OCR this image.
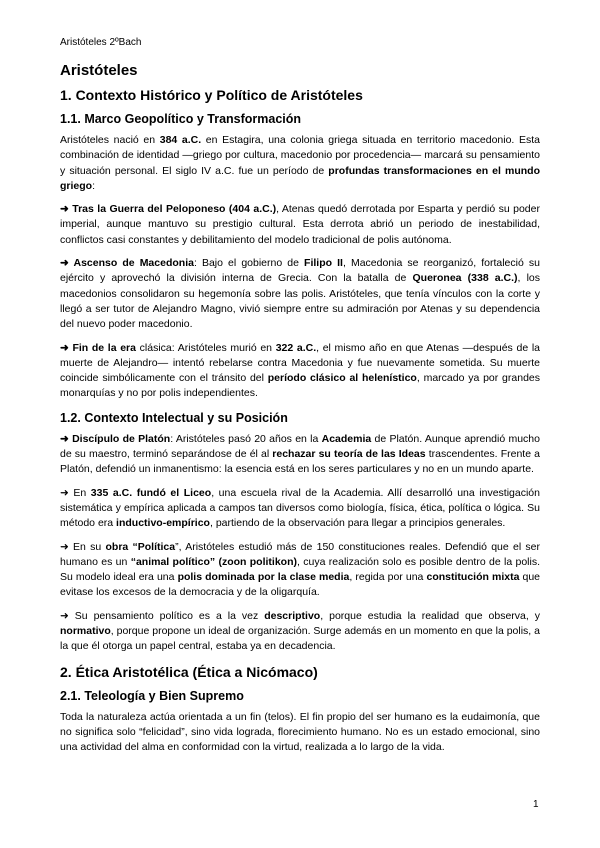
Aristóteles 2ºBach
Aristóteles
1. Contexto Histórico y Político de Aristóteles
1.1. Marco Geopolítico y Transformación

Aristóteles nació en 384 a.C. en Estagira, una colonia griega situada en territorio macedonio. Esta combinación de identidad —griego por cultura, macedonio por procedencia— marcará su pensamiento y situación personal. El siglo IV a.C. fue un período de profundas transformaciones en el mundo griego:

➜ Tras la Guerra del Peloponeso (404 a.C.), Atenas quedó derrotada por Esparta y perdió su poder imperial, aunque mantuvo su prestigio cultural. Esta derrota abrió un periodo de inestabilidad, conflictos casi constantes y debilitamiento del modelo tradicional de polis autónoma.

➜ Ascenso de Macedonia: Bajo el gobierno de Filipo II, Macedonia se reorganizó, fortaleció su ejército y aprovechó la división interna de Grecia. Con la batalla de Queronea (338 a.C.), los macedonios consolidaron su hegemonía sobre las polis. Aristóteles, que tenía vínculos con la corte y llegó a ser tutor de Alejandro Magno, vivió siempre entre su admiración por Atenas y su dependencia del nuevo poder macedonio.

➜ Fin de la era clásica: Aristóteles murió en 322 a.C., el mismo año en que Atenas —después de la muerte de Alejandro— intentó rebelarse contra Macedonia y fue nuevamente sometida. Su muerte coincide simbólicamente con el tránsito del período clásico al helenístico, marcado ya por grandes monarquías y no por polis independientes.

1.2. Contexto Intelectual y su Posición

➜ Discípulo de Platón: Aristóteles pasó 20 años en la Academia de Platón. Aunque aprendió mucho de su maestro, terminó separándose de él al rechazar su teoría de las Ideas trascendentes. Frente a Platón, defendió un inmanentismo: la esencia está en los seres particulares y no en un mundo aparte.

➜ En 335 a.C. fundó el Liceo, una escuela rival de la Academia. Allí desarrolló una investigación sistemática y empírica aplicada a campos tan diversos como biología, física, ética, política o lógica. Su método era inductivo-empírico, partiendo de la observación para llegar a principios generales.

➜ En su obra “Política”, Aristóteles estudió más de 150 constituciones reales. Defendió que el ser humano es un “animal político” (zoon politikon), cuya realización solo es posible dentro de la polis. Su modelo ideal era una polis dominada por la clase media, regida por una constitución mixta que evitase los excesos de la democracia y de la oligarquía.

➜ Su pensamiento político es a la vez descriptivo, porque estudia la realidad que observa, y normativo, porque propone un ideal de organización. Surge además en un momento en que la polis, a la que él otorga un papel central, estaba ya en decadencia.

2. Ética Aristotélica (Ética a Nicómaco)
2.1. Teleología y Bien Supremo

Toda la naturaleza actúa orientada a un fin (telos). El fin propio del ser humano es la eudaimonía, que no significa solo “felicidad”, sino vida lograda, florecimiento humano. No es un estado emocional, sino una actividad del alma en conformidad con la virtud, realizada a lo largo de la vida.

1
